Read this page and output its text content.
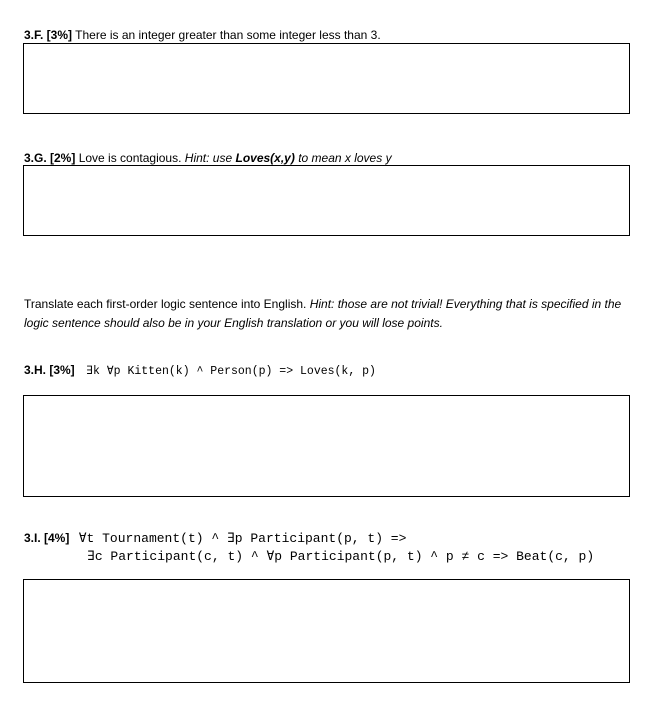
3.F. [3%] There is an integer greater than some integer less than 3.
3.G. [2%] Love is contagious. Hint: use Loves(x,y) to mean x loves y
Translate each first-order logic sentence into English. Hint: those are not trivial! Everything that is specified in the logic sentence should also be in your English translation or you will lose points.
3.H. [3%] ∃k ∀p Kitten(k) ^ Person(p) => Loves(k, p)
3.I. [4%] ∀t Tournament(t) ^ ∃p Participant(p, t) =>
∃c Participant(c, t) ^ ∀p Participant(p, t) ^ p ≠ c => Beat(c, p)
